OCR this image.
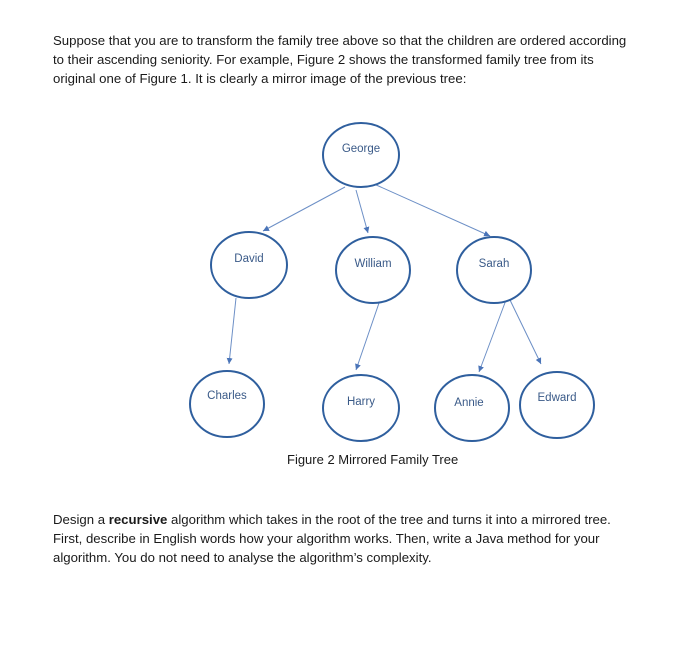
Suppose that you are to transform the family tree above so that the children are ordered according
to their ascending seniority. For example, Figure 2 shows the transformed family tree from its
original one of Figure 1. It is clearly a mirror image of the previous tree:

George
David	William	Sarah
Charles	Harry	Annie	Edward

Figure 2 Mirrored Family Tree

Design a recursive algorithm which takes in the root of the tree and turns it into a mirrored tree.
First, describe in English words how your algorithm works. Then, write a Java method for your
algorithm. You do not need to analyse the algorithm’s complexity.
